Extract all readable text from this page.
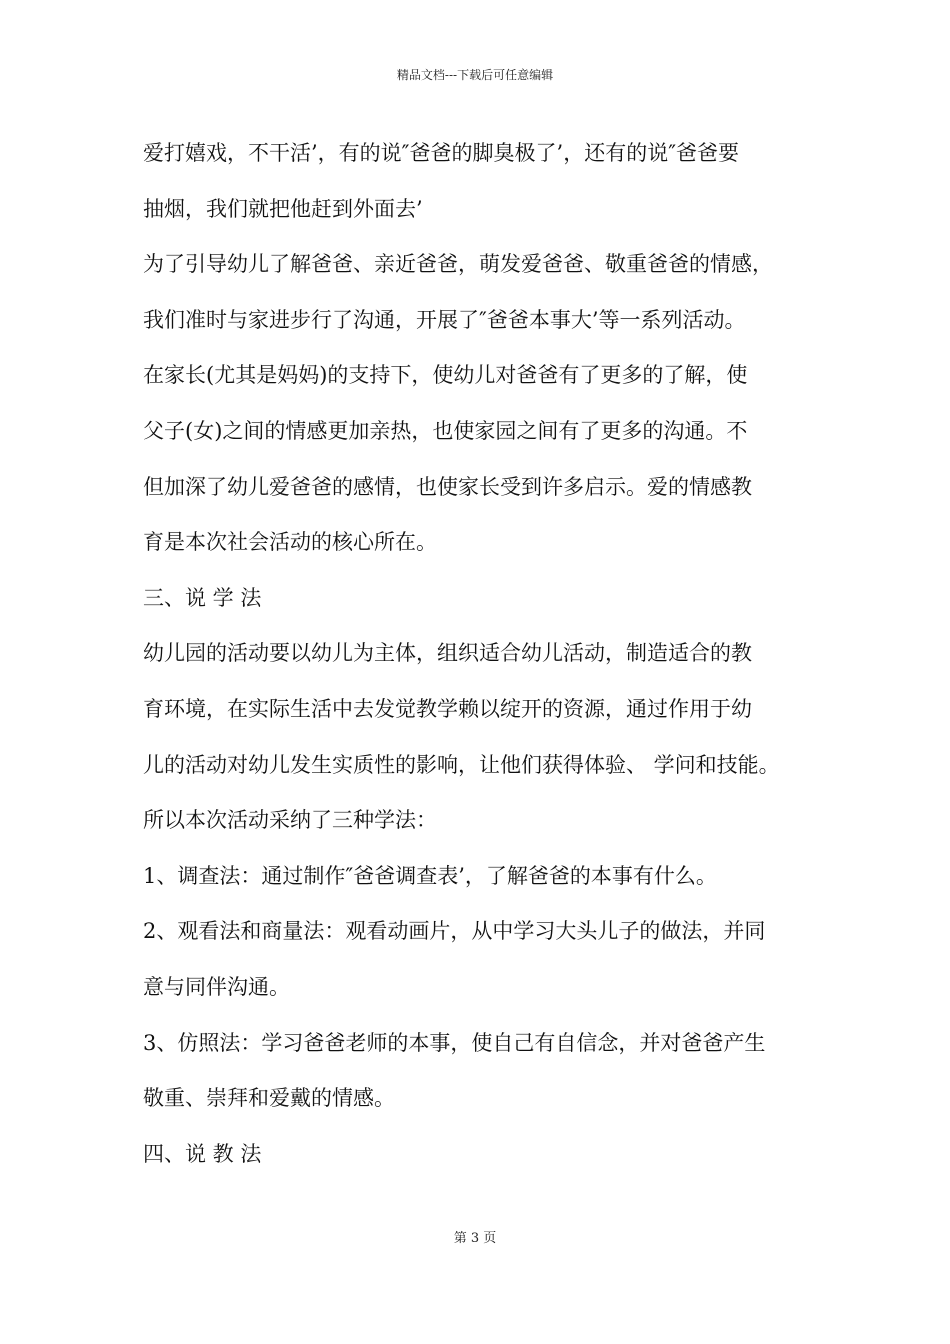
精品文档---下载后可任意编辑
爱打嬉戏，不干活’，有的说″爸爸的脚臭极了’，还有的说″爸爸要
抽烟，我们就把他赶到外面去’
为了引导幼儿了解爸爸、亲近爸爸，萌发爱爸爸、敬重爸爸的情感，
我们准时与家进步行了沟通，开展了″爸爸本事大’等一系列活动。
在家长(尤其是妈妈)的支持下，使幼儿对爸爸有了更多的了解，使
父子(女)之间的情感更加亲热，也使家园之间有了更多的沟通。不
但加深了幼儿爱爸爸的感情，也使家长受到许多启示。爱的情感教
育是本次社会活动的核心所在。
三、说 学 法
幼儿园的活动要以幼儿为主体，组织适合幼儿活动，制造适合的教
育环境，在实际生活中去发觉教学赖以绽开的资源，通过作用于幼
儿的活动对幼儿发生实质性的影响，让他们获得体验、 学问和技能。
所以本次活动采纳了三种学法：
1、调查法：通过制作″爸爸调查表’，了解爸爸的本事有什么。
2、观看法和商量法：观看动画片，从中学习大头儿子的做法，并同
意与同伴沟通。
3、仿照法：学习爸爸老师的本事，使自己有自信念，并对爸爸产生
敬重、崇拜和爱戴的情感。
四、说 教 法
第 3 页
